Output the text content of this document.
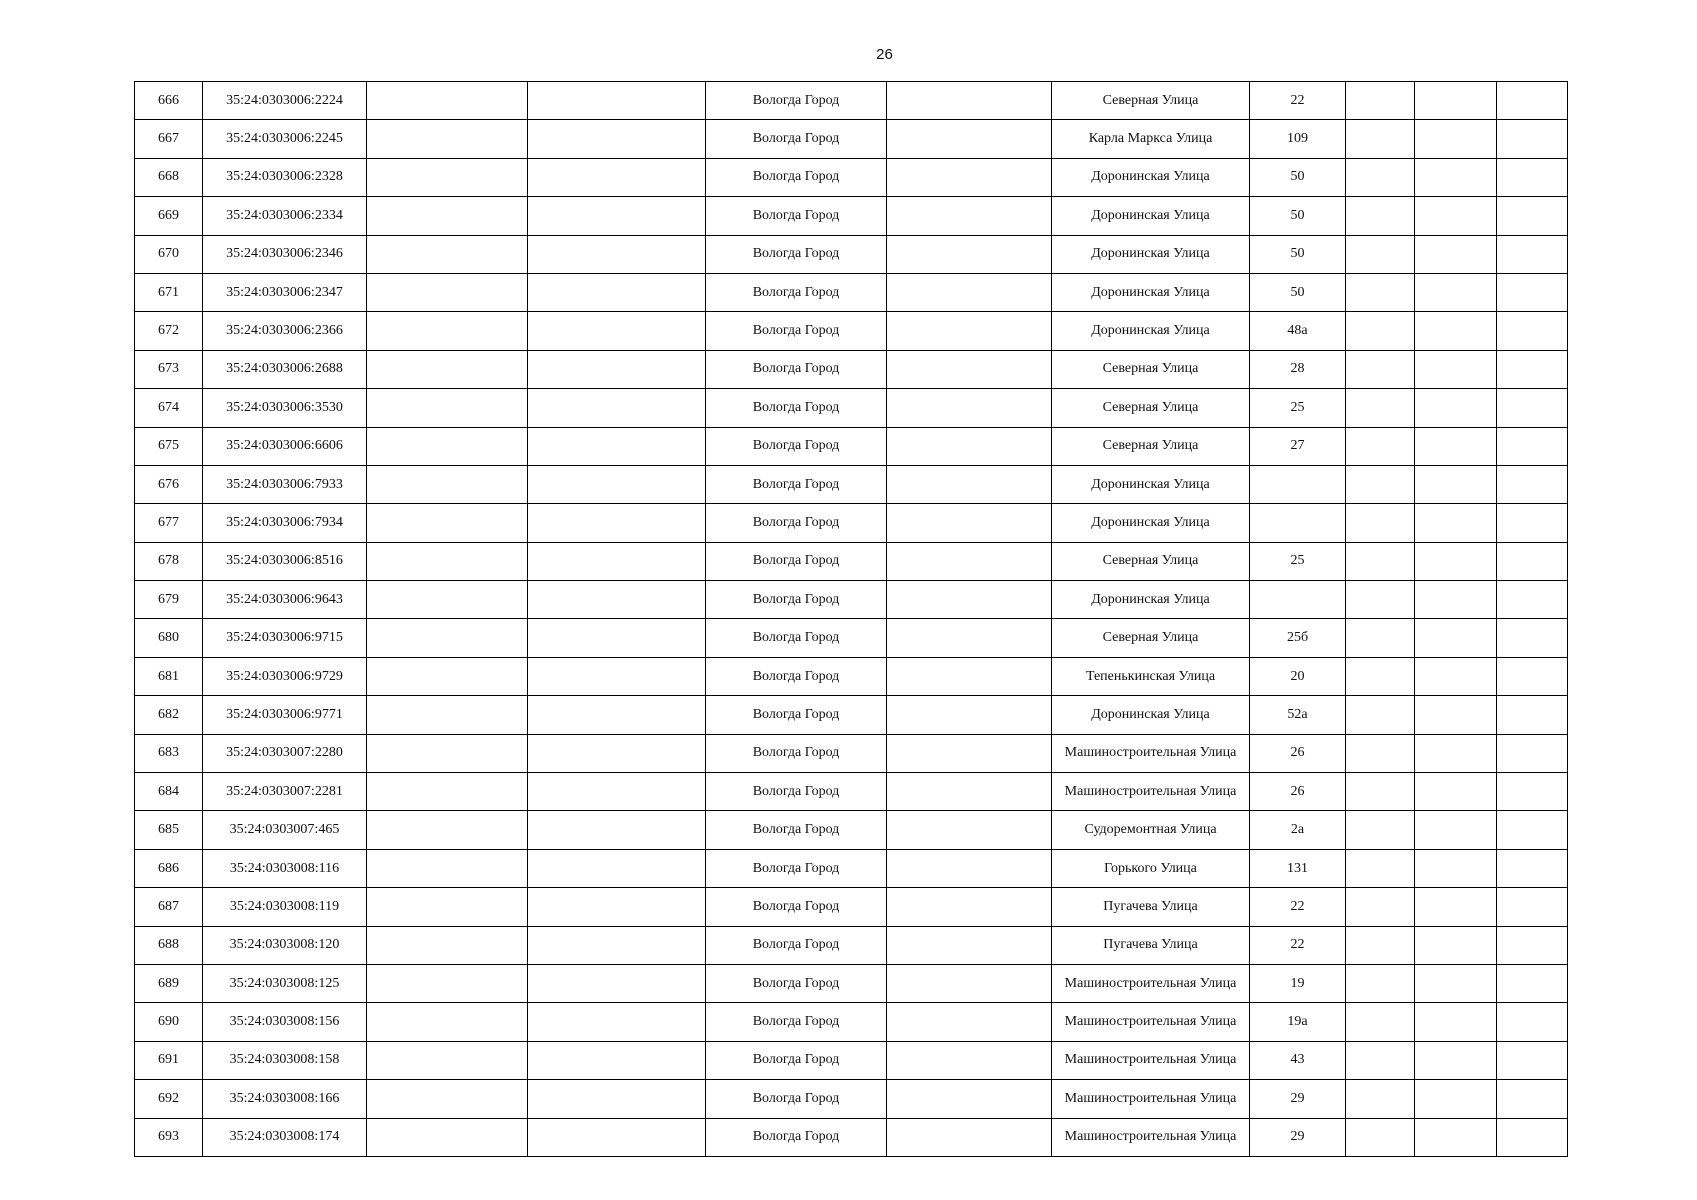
26
666	35:24:0303006:2224			Вологда Город		Северная Улица	22			
667	35:24:0303006:2245			Вологда Город		Карла Маркса Улица	109			
668	35:24:0303006:2328			Вологда Город		Доронинская Улица	50			
669	35:24:0303006:2334			Вологда Город		Доронинская Улица	50			
670	35:24:0303006:2346			Вологда Город		Доронинская Улица	50			
671	35:24:0303006:2347			Вологда Город		Доронинская Улица	50			
672	35:24:0303006:2366			Вологда Город		Доронинская Улица	48а			
673	35:24:0303006:2688			Вологда Город		Северная Улица	28			
674	35:24:0303006:3530			Вологда Город		Северная Улица	25			
675	35:24:0303006:6606			Вологда Город		Северная Улица	27			
676	35:24:0303006:7933			Вологда Город		Доронинская Улица				
677	35:24:0303006:7934			Вологда Город		Доронинская Улица				
678	35:24:0303006:8516			Вологда Город		Северная Улица	25			
679	35:24:0303006:9643			Вологда Город		Доронинская Улица				
680	35:24:0303006:9715			Вологда Город		Северная Улица	25б			
681	35:24:0303006:9729			Вологда Город		Тепенькинская Улица	20			
682	35:24:0303006:9771			Вологда Город		Доронинская Улица	52а			
683	35:24:0303007:2280			Вологда Город		Машиностроительная Улица	26			
684	35:24:0303007:2281			Вологда Город		Машиностроительная Улица	26			
685	35:24:0303007:465			Вологда Город		Судоремонтная Улица	2а			
686	35:24:0303008:116			Вологда Город		Горького Улица	131			
687	35:24:0303008:119			Вологда Город		Пугачева Улица	22			
688	35:24:0303008:120			Вологда Город		Пугачева Улица	22			
689	35:24:0303008:125			Вологда Город		Машиностроительная Улица	19			
690	35:24:0303008:156			Вологда Город		Машиностроительная Улица	19а			
691	35:24:0303008:158			Вологда Город		Машиностроительная Улица	43			
692	35:24:0303008:166			Вологда Город		Машиностроительная Улица	29			
693	35:24:0303008:174			Вологда Город		Машиностроительная Улица	29			
